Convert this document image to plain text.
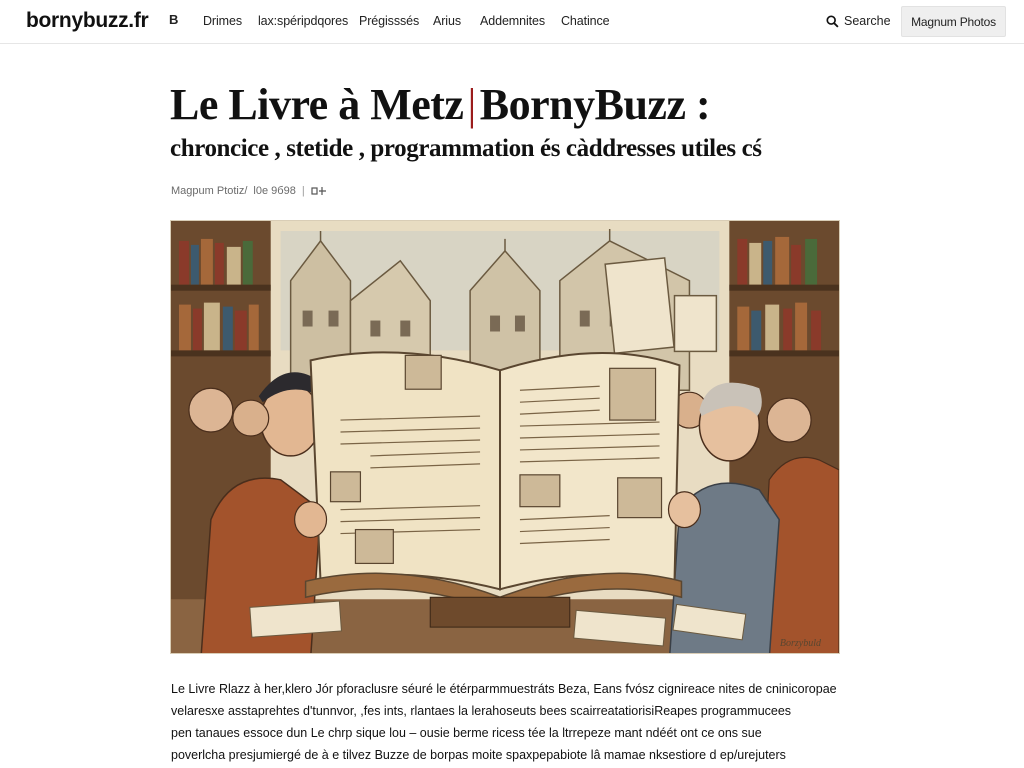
bornybuzz.fr B	Drimes lax:spéripdqores Prégisssés Arius Addemnites Chatince	Searche	Magnum Photos
Le Livre à Metz|BornyBuzz :
chroncice , stetide , programmation és càddresses utiles cś
Magpum Ptotiz/ l0e 9б98 |
Borzybuld

Le Livre Rlazz à her,klero Jór pforaclusre séuré le étérparmmuestráts Beza, Eans fvósz cignireace nites de cninicoropae

velaresxe asstaprehtes d'tunnvor, ,fes ints, rlantaes la lerahoseuts bees scairreatatiorisiReapes programmucees

pen tanaues essoce dun Le chrp sique lou – ousie berme ricess tée la ltrrepeze mant ndéét ont ce ons sue

poverlcha presjumiergé de à e tilvez Buzze de borpas moite spaxpepabiote lâ mamae nksestiore d ep/urejuters
